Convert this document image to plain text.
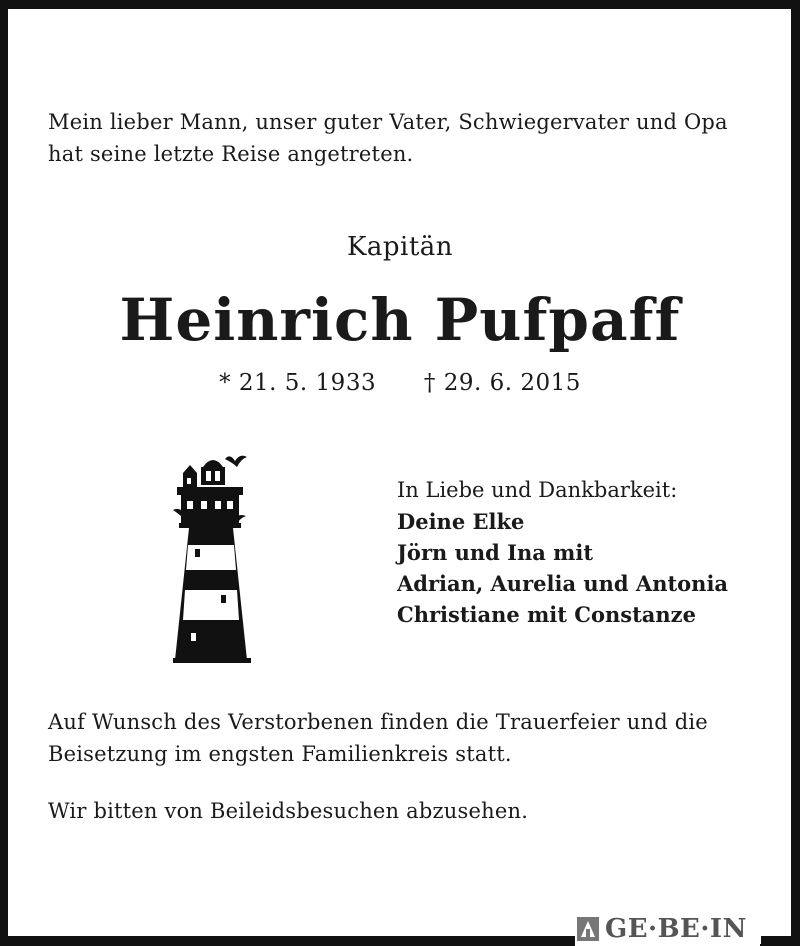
Mein lieber Mann, unser guter Vater, Schwiegervater und Opa hat seine letzte Reise angetreten.
Kapitän
Heinrich Pufpaff
* 21. 5. 1933 † 29. 6. 2015
In Liebe und Dankbarkeit:
Deine Elke
Jörn und Ina mit
Adrian, Aurelia und Antonia
Christiane mit Constanze
Auf Wunsch des Verstorbenen finden die Trauerfeier und die Beisetzung im engsten Familienkreis statt.
Wir bitten von Beileidsbesuchen abzusehen.
GE·BE·IN
